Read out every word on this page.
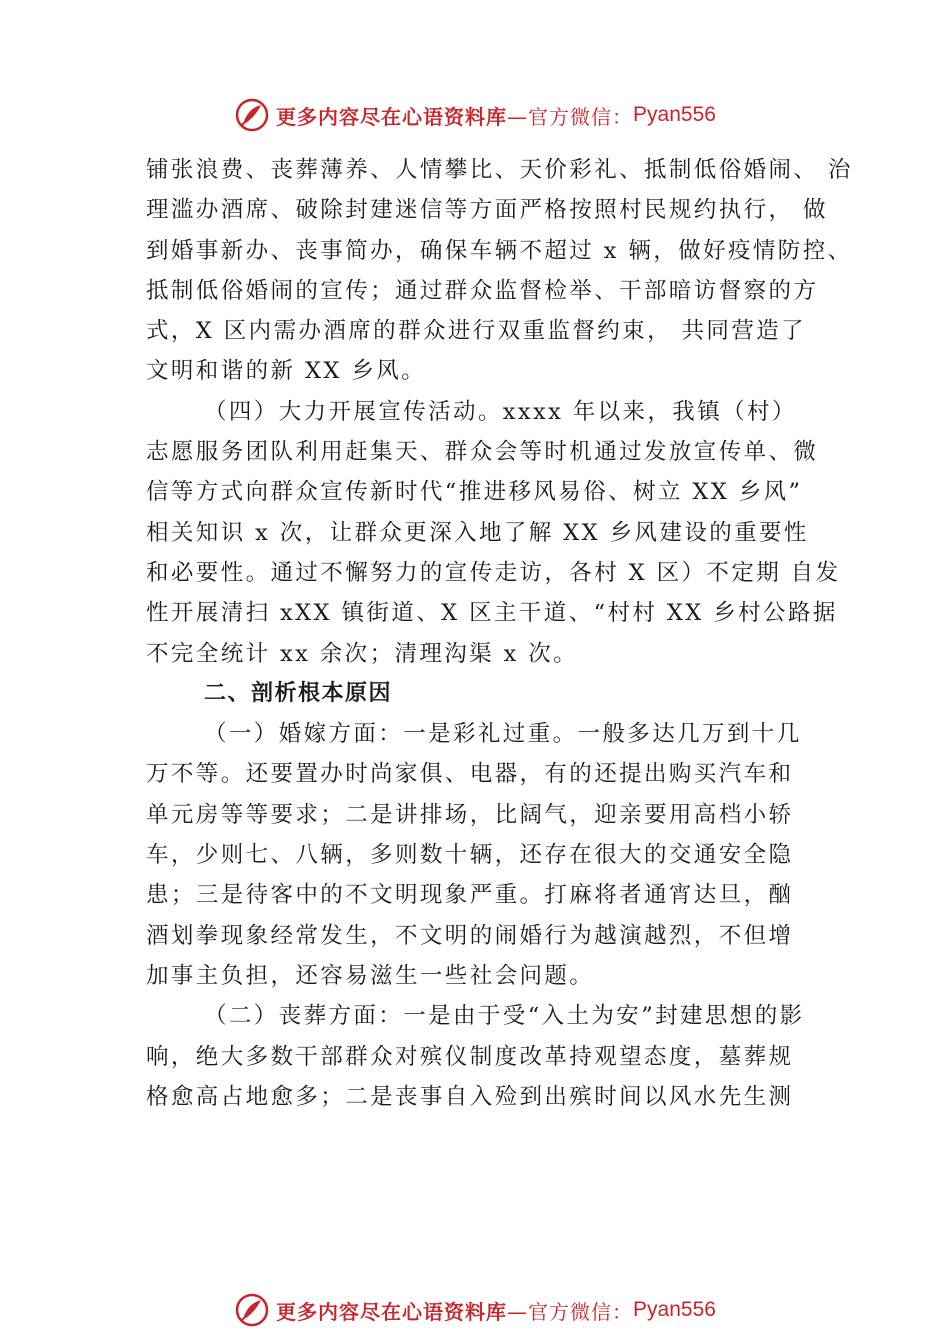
更多内容尽在心语资料库 —官方微信： Pyan556
铺张浪费、丧葬薄养、人情攀比、天价彩礼、抵制低俗婚闹、 治
理滥办酒席、破除封建迷信等方面严格按照村民规约执行， 做
到婚事新办、丧事简办，确保车辆不超过 x 辆，做好疫情防控、
抵制低俗婚闹的宣传；通过群众监督检举、干部暗访督察的方
式，X 区内需办酒席的群众进行双重监督约束， 共同营造了
文明和谐的新 XX 乡风。
（四）大力开展宣传活动。xxxx 年以来，我镇（村）
志愿服务团队利用赶集天、群众会等时机通过发放宣传单、微
信等方式向群众宣传新时代“推进移风易俗、树立 XX 乡风”
相关知识 x 次，让群众更深入地了解 XX 乡风建设的重要性
和必要性。通过不懈努力的宣传走访，各村 X 区）不定期 自发
性开展清扫 xXX 镇街道、X 区主干道、“村村 XX 乡村公路据
不完全统计 xx 余次；清理沟渠 x 次。
二、剖析根本原因
（一）婚嫁方面：一是彩礼过重。一般多达几万到十几
万不等。还要置办时尚家俱、电器，有的还提出购买汽车和
单元房等等要求；二是讲排场，比阔气，迎亲要用高档小轿
车，少则七、八辆，多则数十辆，还存在很大的交通安全隐
患；三是待客中的不文明现象严重。打麻将者通宵达旦，酗
酒划拳现象经常发生，不文明的闹婚行为越演越烈，不但增
加事主负担，还容易滋生一些社会问题。
（二）丧葬方面：一是由于受“入土为安”封建思想的影
响，绝大多数干部群众对殡仪制度改革持观望态度，墓葬规
格愈高占地愈多；二是丧事自入殓到出殡时间以风水先生测
更多内容尽在心语资料库 —官方微信： Pyan556
